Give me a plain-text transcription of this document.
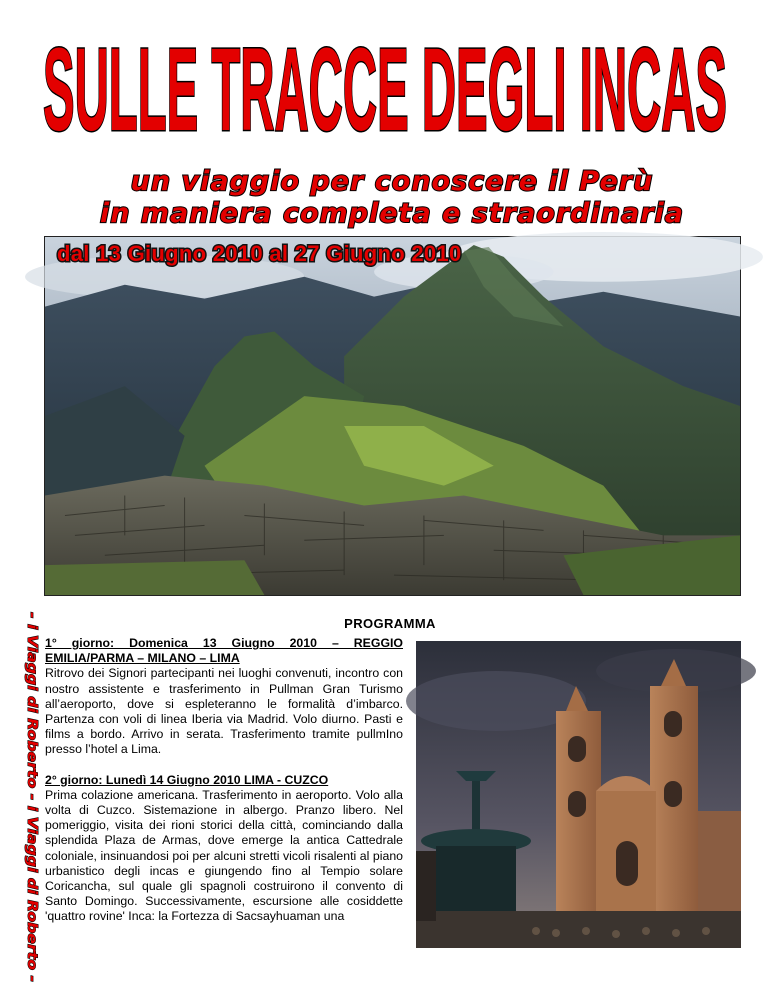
SULLE TRACCE DEGLI INCAS
un viaggio per conoscere il Perù
in maniera completa e straordinaria
dal 13 Giugno 2010 al 27 Giugno 2010
- i Viaggi di Roberto - i Viaggi di Roberto -	PROGRAMMA
1° giorno: Domenica 13 Giugno 2010 – REGGIO EMILIA/PARMA – MILANO – LIMA

Ritrovo dei Signori partecipanti nei luoghi convenuti, incontro con nostro assistente e trasferimento in Pullman Gran Turismo all’aeroporto, dove si espleteranno le formalità d’imbarco. Partenza con voli di linea Iberia via Madrid. Volo diurno. Pasti e films a bordo. Arrivo in serata. Trasferimento tramite pullmIno presso l’hotel a Lima.

2° giorno: Lunedì 14 Giugno 2010 LIMA - CUZCO

Prima colazione americana. Trasferimento in aeroporto. Volo alla volta di Cuzco. Sistemazione in albergo. Pranzo libero. Nel pomeriggio, visita dei rioni storici della città, cominciando dalla splendida Plaza de Armas, dove emerge la antica Cattedrale coloniale, insinuandosi poi per alcuni stretti vicoli risalenti al piano urbanistico degli incas e giungendo fino al Tempio solare Coricancha, sul quale gli spagnoli costruirono il convento di Santo Domingo. Successivamente, escursione alle cosiddette 'quattro rovine' Inca: la Fortezza di Sacsayhuaman una
